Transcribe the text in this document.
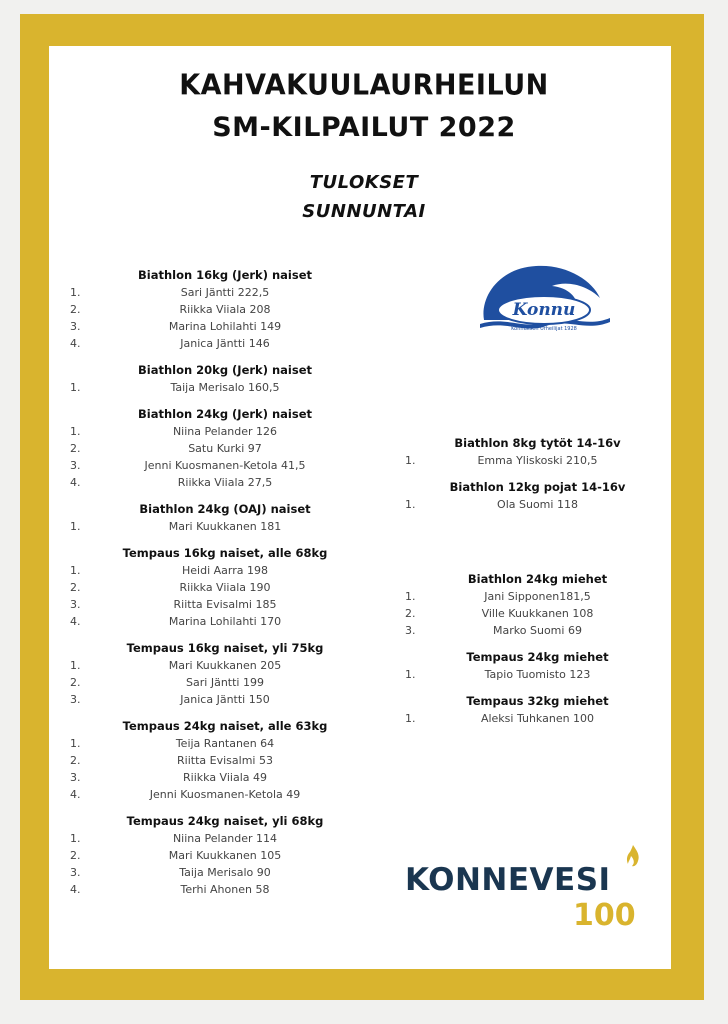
KAHVAKUULAURHEILUN
SM-KILPAILUT 2022
TULOKSET
SUNNUNTAI
Biathlon 16kg (Jerk) naiset
1.	Sari Jäntti 222,5
2.	Riikka Viiala 208
3.	Marina Lohilahti 149
4.	Janica Jäntti 146
Biathlon 20kg (Jerk) naiset
1.	Taija Merisalo 160,5
Biathlon 24kg (Jerk) naiset
1.	Niina Pelander 126
2.	Satu Kurki 97
3.	Jenni Kuosmanen-Ketola 41,5
4.	Riikka Viiala 27,5
Biathlon 24kg (OAJ) naiset
1.	Mari Kuukkanen 181
Tempaus 16kg naiset, alle 68kg
1.	Heidi Aarra 198
2.	Riikka Viiala 190
3.	Riitta Evisalmi 185
4.	Marina Lohilahti 170
Tempaus 16kg naiset, yli 75kg
1.	Mari Kuukkanen 205
2.	Sari Jäntti 199
3.	Janica Jäntti 150
Tempaus 24kg naiset, alle 63kg
1.	Teija Rantanen 64
2.	Riitta Evisalmi 53
3.	Riikka Viiala 49
4.	Jenni Kuosmanen-Ketola 49
Tempaus 24kg naiset, yli 68kg
1.	Niina Pelander 114
2.	Mari Kuukkanen 105
3.	Taija Merisalo 90
4.	Terhi Ahonen 58
Biathlon 8kg tytöt 14-16v
1.	Emma Yliskoski 210,5
Biathlon 12kg pojat 14-16v
1.	Ola Suomi 118
Biathlon 24kg miehet
1.	Jani Sipponen181,5
2.	Ville Kuukkanen 108
3.	Marko Suomi 69
Tempaus 24kg miehet
1.	Tapio Tuomisto 123
Tempaus 32kg miehet
1.	Aleksi Tuhkanen 100
Konnu
Konnuksen Urheilijat 1928
KONNEVESI
100
